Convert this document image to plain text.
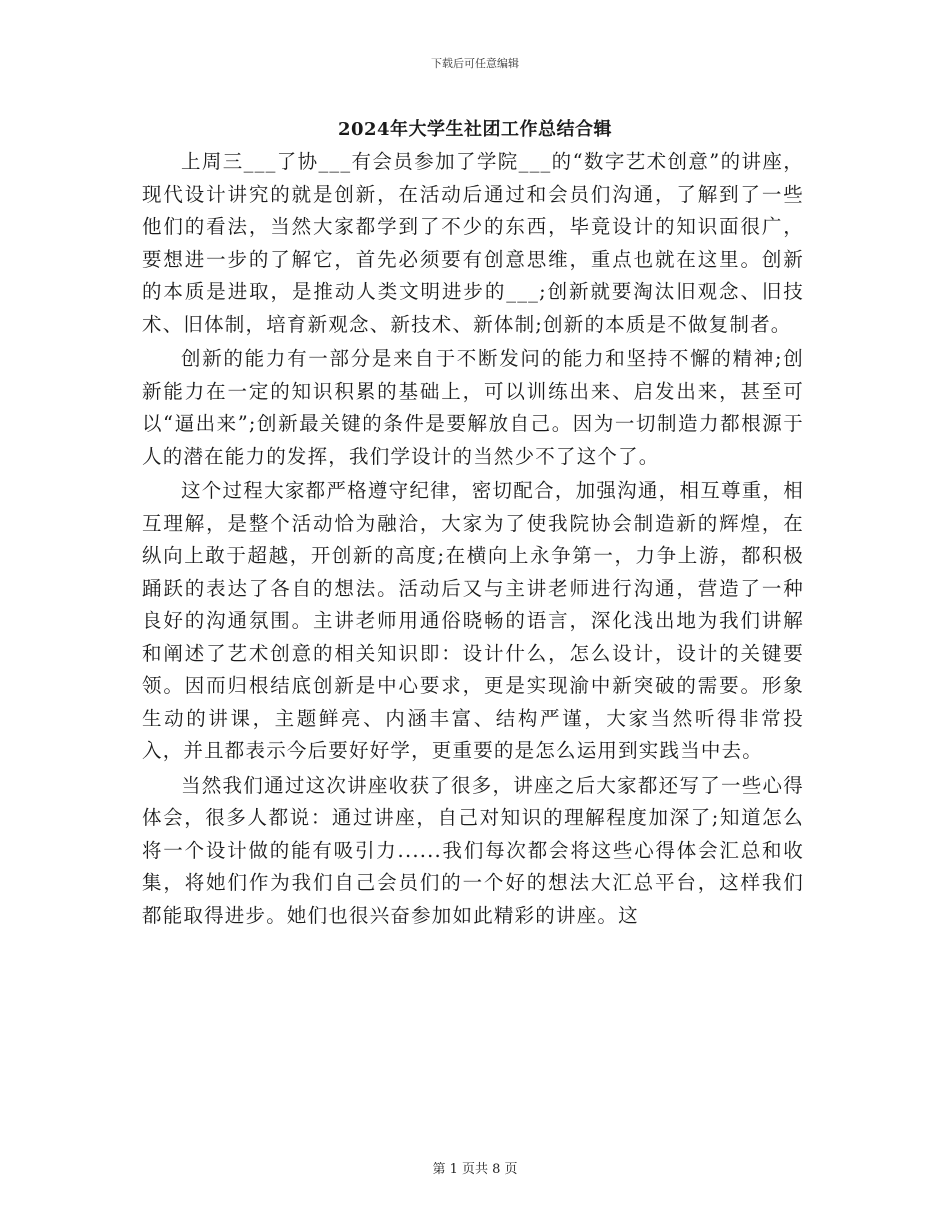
下载后可任意编辑
2024年大学生社团工作总结合辑

上周三___了协___有会员参加了学院___的“数字艺术创意”的讲座，现代设计讲究的就是创新，在活动后通过和会员们沟通，了解到了一些他们的看法，当然大家都学到了不少的东西，毕竟设计的知识面很广，要想进一步的了解它，首先必须要有创意思维，重点也就在这里。创新的本质是进取，是推动人类文明进步的___;创新就要淘汰旧观念、旧技术、旧体制，培育新观念、新技术、新体制;创新的本质是不做复制者。

创新的能力有一部分是来自于不断发问的能力和坚持不懈的精神;创新能力在一定的知识积累的基础上，可以训练出来、启发出来，甚至可以“逼出来”;创新最关键的条件是要解放自己。因为一切制造力都根源于人的潜在能力的发挥，我们学设计的当然少不了这个了。

这个过程大家都严格遵守纪律，密切配合，加强沟通，相互尊重，相互理解，是整个活动恰为融洽，大家为了使我院协会制造新的辉煌，在纵向上敢于超越，开创新的高度;在横向上永争第一，力争上游，都积极踊跃的表达了各自的想法。活动后又与主讲老师进行沟通，营造了一种良好的沟通氛围。主讲老师用通俗晓畅的语言，深化浅出地为我们讲解和阐述了艺术创意的相关知识即：设计什么，怎么设计，设计的关键要领。因而归根结底创新是中心要求，更是实现渝中新突破的需要。形象生动的讲课，主题鲜亮、内涵丰富、结构严谨，大家当然听得非常投入，并且都表示今后要好好学，更重要的是怎么运用到实践当中去。

当然我们通过这次讲座收获了很多，讲座之后大家都还写了一些心得体会，很多人都说：通过讲座，自己对知识的理解程度加深了;知道怎么将一个设计做的能有吸引力......我们每次都会将这些心得体会汇总和收集，将她们作为我们自己会员们的一个好的想法大汇总平台，这样我们都能取得进步。她们也很兴奋参加如此精彩的讲座。这

第 1 页共 8 页
